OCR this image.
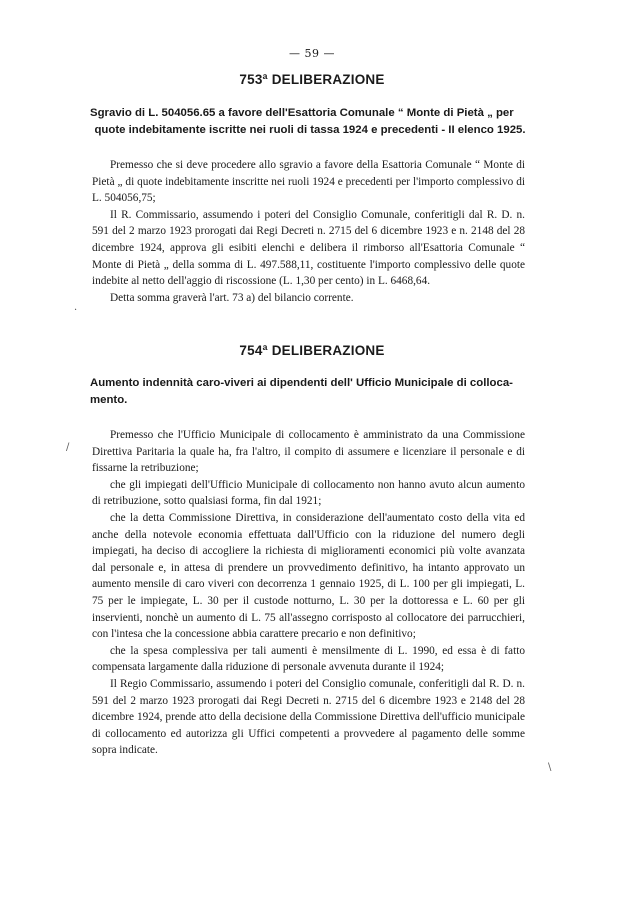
— 59 —
753ª DELIBERAZIONE
Sgravio di L. 504056.65 a favore dell'Esattoria Comunale “ Monte di Pietà „ per
quote indebitamente iscritte nei ruoli di tassa 1924 e precedenti - II elenco 1925.

Premesso che si deve procedere allo sgravio a favore della Esattoria Comunale “ Monte di Pietà „ di quote indebitamente inscritte nei ruoli 1924 e precedenti per l'importo complessivo di L. 504056,75;

Il R. Commissario, assumendo i poteri del Consiglio Comunale, conferitigli dal R. D. n. 591 del 2 marzo 1923 prorogati dai Regi Decreti n. 2715 del 6 dicembre 1923 e n. 2148 del 28 dicembre 1924, approva gli esibiti elenchi e delibera il rimborso all'Esattoria Comunale “ Monte di Pietà „ della somma di L. 497.588,11, costituente l'importo complessivo delle quote indebite al netto dell'aggio di riscossione (L. 1,30 per cento) in L. 6468,64.

Detta somma graverà l'art. 73 a) del bilancio corrente.

754ª DELIBERAZIONE
Aumento indennità caro-viveri ai dipendenti dell' Ufficio Municipale di colloca-
mento.

Premesso che l'Ufficio Municipale di collocamento è amministrato da una Commissione Direttiva Paritaria la quale ha, fra l'altro, il compito di assumere e licenziare il personale e di fissarne la retribuzione;

che gli impiegati dell'Ufficio Municipale di collocamento non hanno avuto alcun aumento di retribuzione, sotto qualsiasi forma, fin dal 1921;

che la detta Commissione Direttiva, in considerazione dell'aumentato costo della vita ed anche della notevole economia effettuata dall'Ufficio con la riduzione del numero degli impiegati, ha deciso di accogliere la richiesta di miglioramenti economici più volte avanzata dal personale e, in attesa di prendere un provvedimento definitivo, ha intanto approvato un aumento mensile di caro viveri con decorrenza 1 gennaio 1925, di L. 100 per gli impiegati, L. 75 per le impiegate, L. 30 per il custode notturno, L. 30 per la dottoressa e L. 60 per gli inservienti, nonchè un aumento di L. 75 all'assegno corrisposto al collocatore dei parrucchieri, con l'intesa che la concessione abbia carattere precario e non definitivo;

che la spesa complessiva per tali aumenti è mensilmente di L. 1990, ed essa è di fatto compensata largamente dalla riduzione di personale avvenuta durante il 1924;

Il Regio Commissario, assumendo i poteri del Consiglio comunale, conferitigli dal R. D. n. 591 del 2 marzo 1923 prorogati dai Regi Decreti n. 2715 del 6 dicembre 1923 e 2148 del 28 dicembre 1924, prende atto della decisione della Commissione Direttiva dell'ufficio municipale di collocamento ed autorizza gli Uffici competenti a provvedere al pagamento delle somme sopra indicate.

·
/
\
